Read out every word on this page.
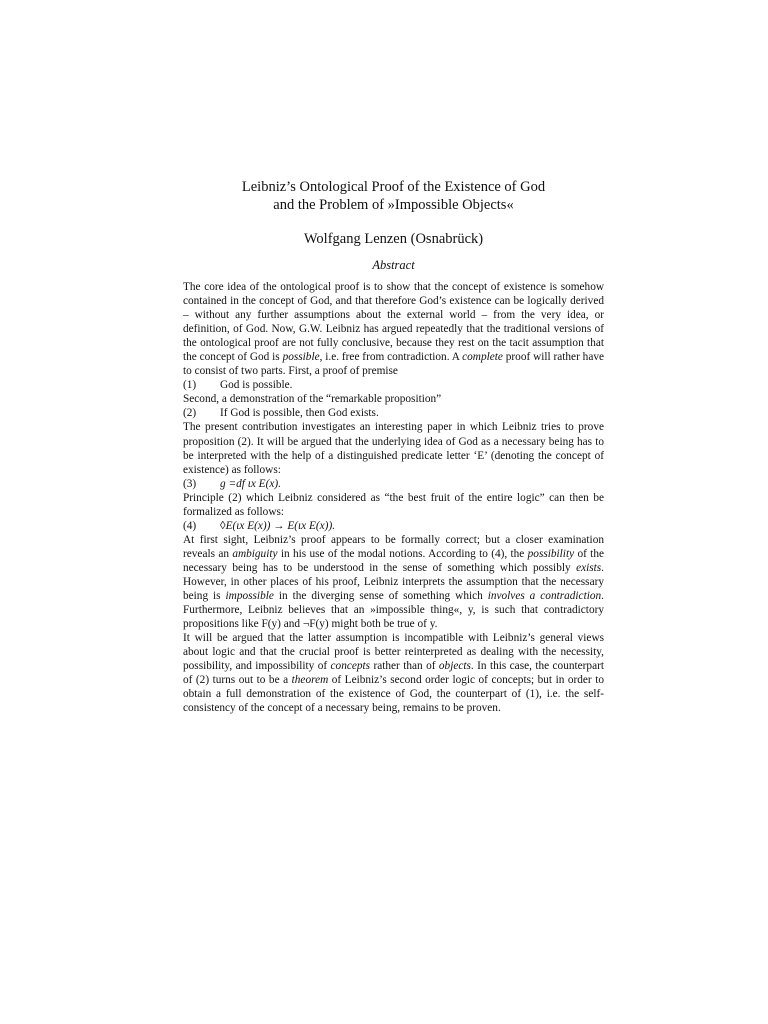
Leibniz’s Ontological Proof of the Existence of God
and the Problem of »Impossible Objects«
Wolfgang Lenzen (Osnabrück)
Abstract

The core idea of the ontological proof is to show that the concept of existence is somehow contained in the concept of God, and that therefore God’s existence can be logically derived – without any further assumptions about the external world – from the very idea, or definition, of God. Now, G.W. Leibniz has argued repeatedly that the traditional versions of the ontological proof are not fully conclusive, because they rest on the tacit assumption that the concept of God is possible, i.e. free from contradiction. A complete proof will rather have to consist of two parts. First, a proof of premise

(1)	God is possible.

Second, a demonstration of the “remarkable proposition”

(2)	If God is possible, then God exists.

The present contribution investigates an interesting paper in which Leibniz tries to prove proposition (2). It will be argued that the underlying idea of God as a necessary being has to be interpreted with the help of a distinguished predicate letter ‘E’ (denoting the concept of existence) as follows:

(3)	g =df ιx E(x).

Principle (2) which Leibniz considered as “the best fruit of the entire logic” can then be formalized as follows:

(4)	◊E(ιx E(x)) → E(ιx E(x)).

At first sight, Leibniz’s proof appears to be formally correct; but a closer examination reveals an ambiguity in his use of the modal notions. According to (4), the possibility of the necessary being has to be understood in the sense of something which possibly exists. However, in other places of his proof, Leibniz interprets the assumption that the necessary being is impossible in the diverging sense of something which involves a contradiction. Furthermore, Leibniz believes that an »impossible thing«, y, is such that contradictory propositions like F(y) and ¬F(y) might both be true of y.

It will be argued that the latter assumption is incompatible with Leibniz’s general views about logic and that the crucial proof is better reinterpreted as dealing with the necessity, possibility, and impossibility of concepts rather than of objects. In this case, the counterpart of (2) turns out to be a theorem of Leibniz’s second order logic of concepts; but in order to obtain a full demonstration of the existence of God, the counterpart of (1), i.e. the self-consistency of the concept of a necessary being, remains to be proven.
